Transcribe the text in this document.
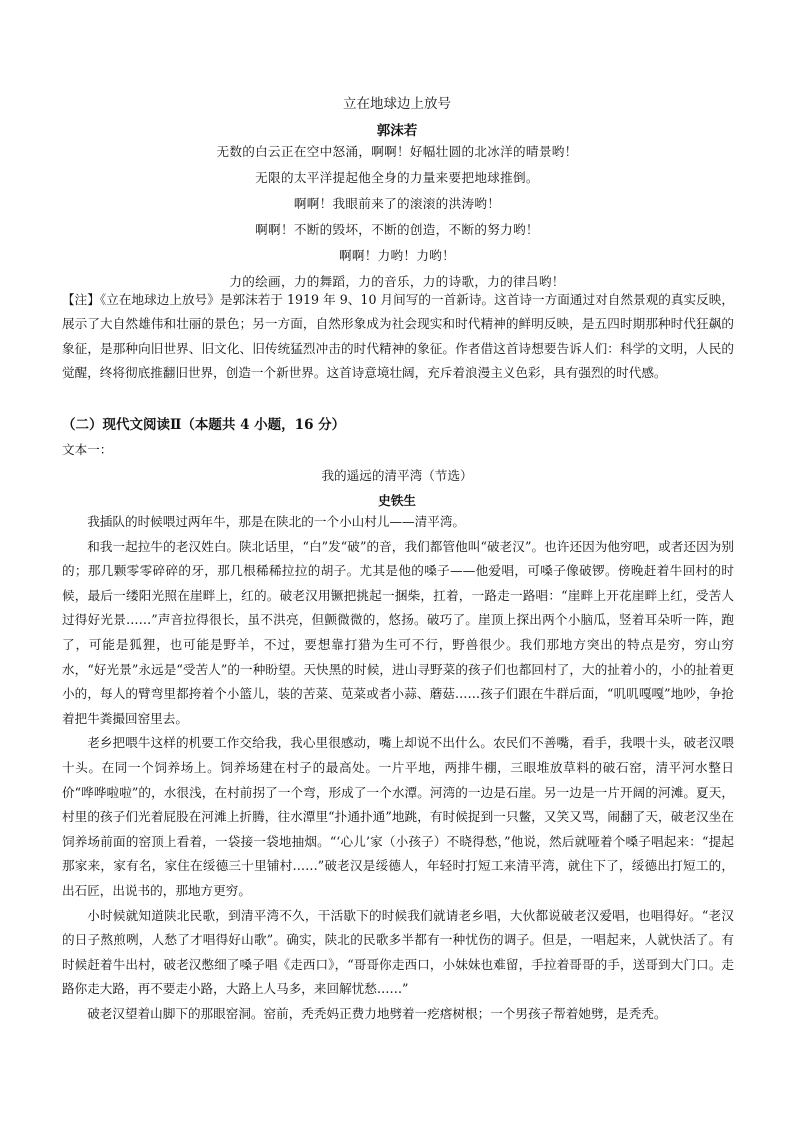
立在地球边上放号
郭沫若
无数的白云正在空中怒涌，啊啊！好幅壮圆的北冰洋的晴景哟！
无限的太平洋提起他全身的力量来要把地球推倒。
啊啊！我眼前来了的滚滚的洪涛哟！
啊啊！不断的毁坏，不断的创造，不断的努力哟！
啊啊！力哟！力哟！
力的绘画，力的舞蹈，力的音乐，力的诗歌，力的律吕哟！
【注】《立在地球边上放号》是郭沫若于 1919 年 9、10 月间写的一首新诗。这首诗一方面通过对自然景观的真实反映，展示了大自然雄伟和壮丽的景色；另一方面，自然形象成为社会现实和时代精神的鲜明反映，是五四时期那种时代狂飙的象征，是那种向旧世界、旧文化、旧传统猛烈冲击的时代精神的象征。作者借这首诗想要告诉人们：科学的文明，人民的觉醒，终将彻底推翻旧世界，创造一个新世界。这首诗意境壮阔，充斥着浪漫主义色彩，具有强烈的时代感。
（二）现代文阅读Ⅱ（本题共 4 小题，16 分）
文本一：
我的遥远的清平湾（节选）
史铁生

我插队的时候喂过两年牛，那是在陕北的一个小山村儿——清平湾。

和我一起拉牛的老汉姓白。陕北话里，“白”发“破”的音，我们都管他叫“破老汉”。也许还因为他穷吧，或者还因为别的；那几颗零零碎碎的牙，那几根稀稀拉拉的胡子。尤其是他的嗓子——他爱唱，可嗓子像破锣。傍晚赶着牛回村的时候，最后一缕阳光照在崖畔上，红的。破老汉用镢把挑起一捆柴，扛着，一路走一路唱：“崖畔上开花崖畔上红，受苦人过得好光景……”声音拉得很长，虽不洪亮，但颤微微的，悠扬。破巧了。崖顶上探出两个小脑瓜，竖着耳朵听一阵，跑了，可能是狐狸，也可能是野羊，不过，要想靠打猎为生可不行，野兽很少。我们那地方突出的特点是穷，穷山穷水，“好光景”永远是“受苦人”的一种盼望。天快黑的时候，进山寻野菜的孩子们也都回村了，大的扯着小的，小的扯着更小的，每人的臂弯里都挎着个小篮儿，装的苦菜、苋菜或者小蒜、蘑菇……孩子们跟在牛群后面，“叽叽嘎嘎”地吵，争抢着把牛粪撮回窑里去。

老乡把喂牛这样的机要工作交给我，我心里很感动，嘴上却说不出什么。农民们不善嘴，看手，我喂十头，破老汉喂十头。在同一个饲养场上。饲养场建在村子的最高处。一片平地，两排牛棚，三眼堆放草料的破石窑，清平河水整日价“哗哗啦啦”的，水很浅，在村前拐了一个弯，形成了一个水潭。河湾的一边是石崖。另一边是一片开阔的河滩。夏天，村里的孩子们光着屁股在河滩上折腾，往水潭里“扑通扑通”地跳，有时候捉到一只鳖，又笑又骂，闹翻了天，破老汉坐在饲养场前面的窑顶上看着，一袋接一袋地抽烟。“‘心儿’家（小孩子）不晓得愁，”他说，然后就哑着个嗓子唱起来：“提起那家来，家有名，家住在绥德三十里铺村……”破老汉是绥德人，年轻时打短工来清平湾，就住下了，绥德出打短工的，出石匠，出说书的，那地方更穷。

小时候就知道陕北民歌，到清平湾不久，干活歇下的时候我们就请老乡唱，大伙都说破老汉爱唱，也唱得好。“老汉的日子熬煎咧，人愁了才唱得好山歌”。确实，陕北的民歌多半都有一种忧伤的调子。但是，一唱起来，人就快活了。有时候赶着牛出村，破老汉憋细了嗓子唱《走西口》，“哥哥你走西口，小妹妹也难留，手拉着哥哥的手，送哥到大门口。走路你走大路，再不要走小路，大路上人马多，来回解忧愁……”

破老汉望着山脚下的那眼窑洞。窑前，秃秃妈正费力地劈着一疙瘩树根；一个男孩子帮着她劈，是秃秃。
